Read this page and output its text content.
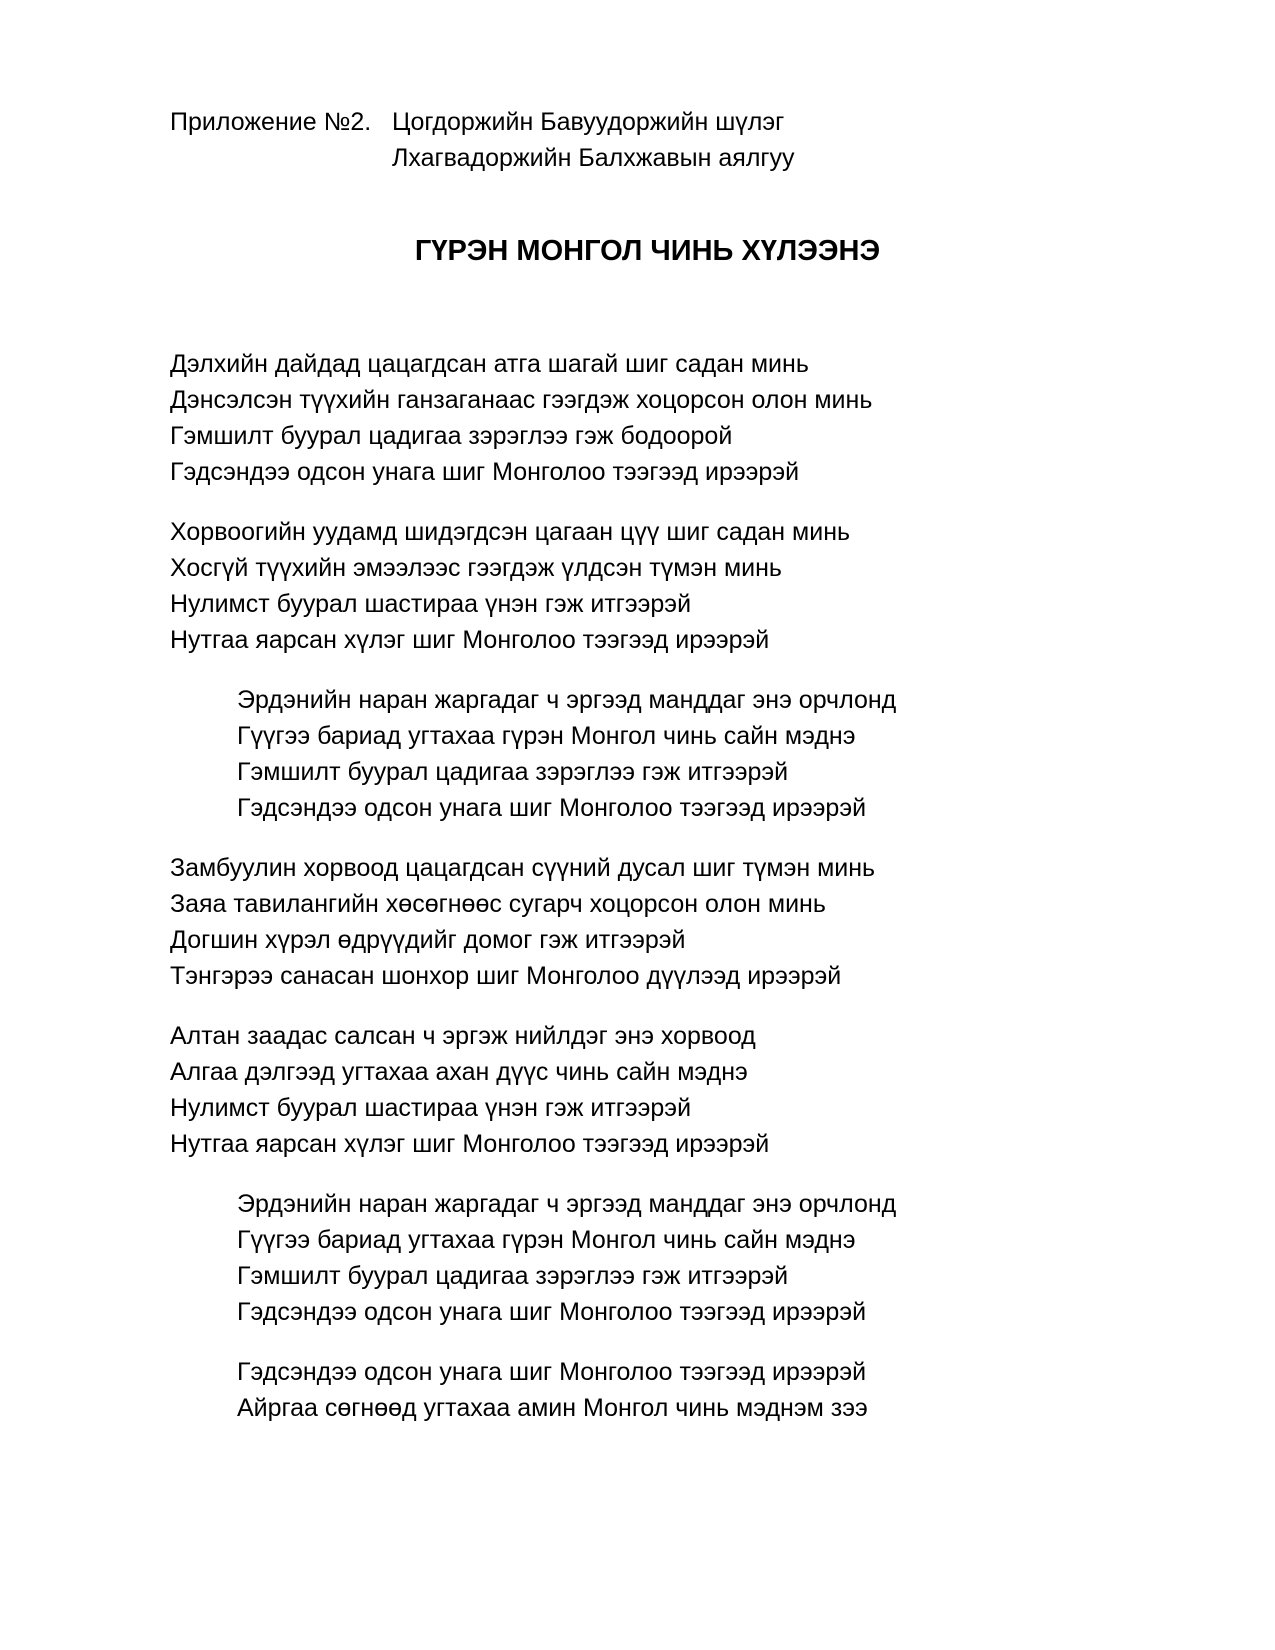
Приложение №2. Цогдоржийн Бавуудоржийн шүлэг
Лхагвадоржийн Балхжавын аялгуу
ГҮРЭН МОНГОЛ ЧИНЬ ХҮЛЭЭНЭ
Дэлхийн дайдад цацагдсан атга шагай шиг садан минь
Дэнсэлсэн түүхийн ганзаганаас гээгдэж хоцорсон олон минь
Гэмшилт буурал цадигаа зэрэглээ гэж бодоорой
Гэдсэндээ одсон унага шиг Монголоо тээгээд ирээрэй
Хорвоогийн уудамд шидэгдсэн цагаан цүү шиг садан минь
Хосгүй түүхийн эмээлээс гээгдэж үлдсэн түмэн минь
Нулимст буурал шастираа үнэн гэж итгээрэй
Нутгаа яарсан хүлэг шиг Монголоо тээгээд ирээрэй
Эрдэнийн наран жаргадаг ч эргээд манддаг энэ орчлонд
Гүүгээ бариад угтахаа гүрэн Монгол чинь сайн мэднэ
Гэмшилт буурал цадигаа зэрэглээ гэж итгээрэй
Гэдсэндээ одсон унага шиг Монголоо тээгээд ирээрэй
Замбуулин хорвоод цацагдсан сүүний дусал шиг түмэн минь
Заяа тавилангийн хөсөгнөөс сугарч хоцорсон олон минь
Догшин хүрэл өдрүүдийг домог гэж итгээрэй
Тэнгэрээ санасан шонхор шиг Монголоо дүүлээд ирээрэй
Алтан заадас салсан ч эргэж нийлдэг энэ хорвоод
Алгаа дэлгээд угтахаа ахан дүүс чинь сайн мэднэ
Нулимст буурал шастираа үнэн гэж итгээрэй
Нутгаа яарсан хүлэг шиг Монголоо тээгээд ирээрэй
Эрдэнийн наран жаргадаг ч эргээд манддаг энэ орчлонд
Гүүгээ бариад угтахаа гүрэн Монгол чинь сайн мэднэ
Гэмшилт буурал цадигаа зэрэглээ гэж итгээрэй
Гэдсэндээ одсон унага шиг Монголоо тээгээд ирээрэй
Гэдсэндээ одсон унага шиг Монголоо тээгээд ирээрэй
Айргаа сөгнөөд угтахаа амин Монгол чинь мэднэм зээ
